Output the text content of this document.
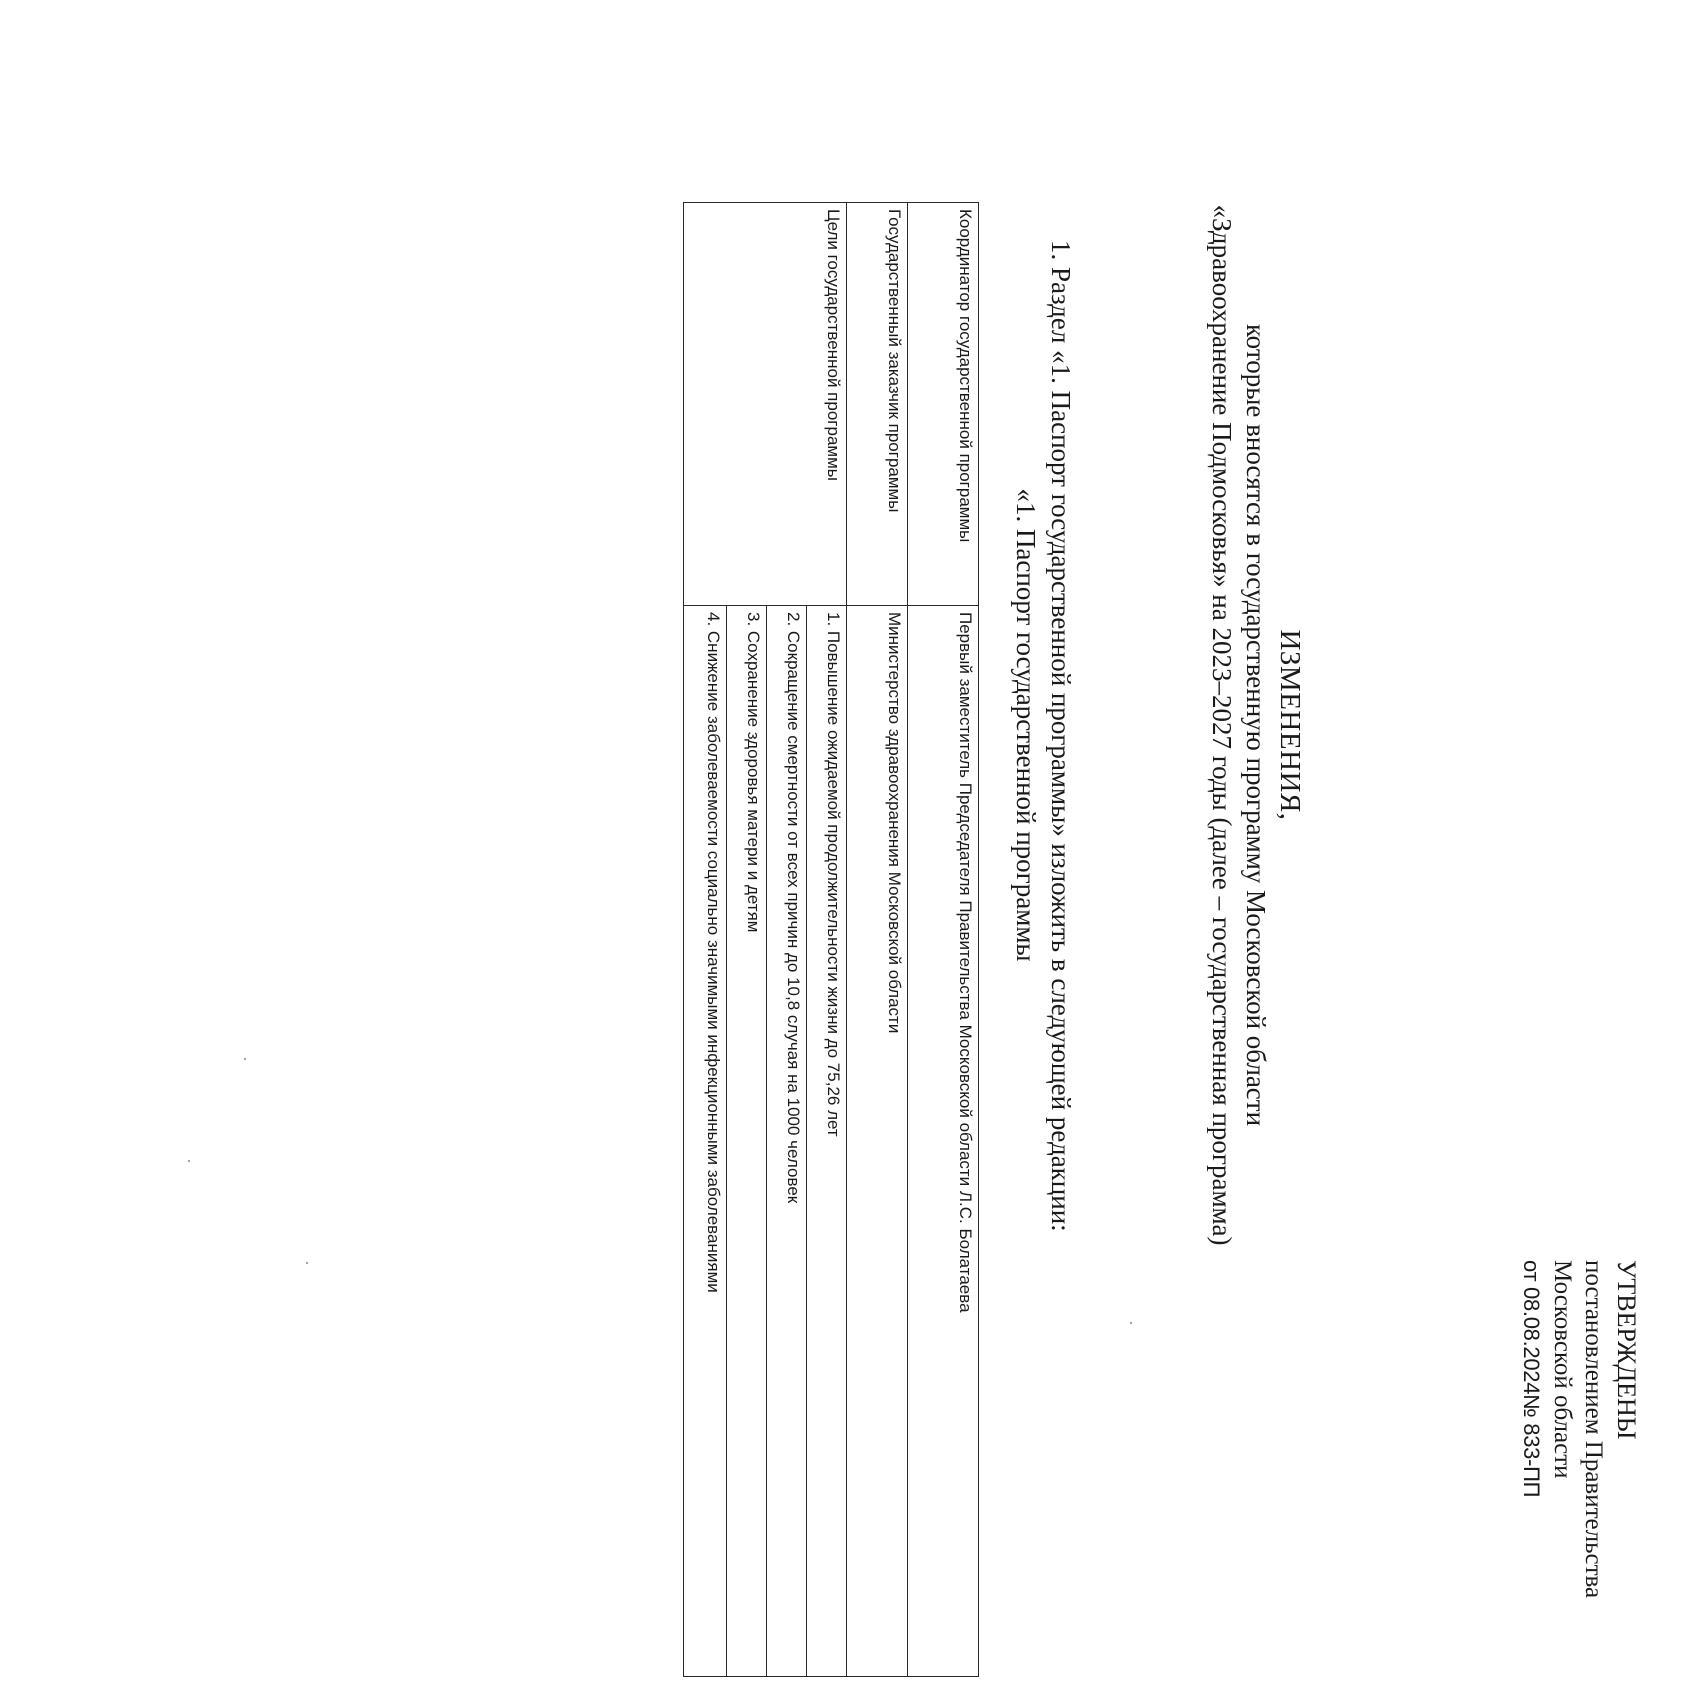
УТВЕРЖДЕНЫ
постановлением Правительства
Московской области
от 08.08.2024№ 833-ПП
ИЗМЕНЕНИЯ,
которые вносятся в государственную программу Московской области
«Здравоохранение Подмосковья» на 2023–2027 годы (далее – государственная программа)
1. Раздел «1. Паспорт государственной программы» изложить в следующей редакции:
«1. Паспорт государственной программы
Координатор государственной программы	Первый заместитель Председателя Правительства Московской области Л.С. Болатаева
Государственный заказчик программы	Министерство здравоохранения Московской области
Цели государственной программы	1. Повышение ожидаемой продолжительности жизни до 75,26 лет
	2. Сокращение смертности от всех причин до 10,8 случая на 1000 человек
	3. Сохранение здоровья матери и детям
	4. Снижение заболеваемости социально значимыми инфекционными заболеваниями
